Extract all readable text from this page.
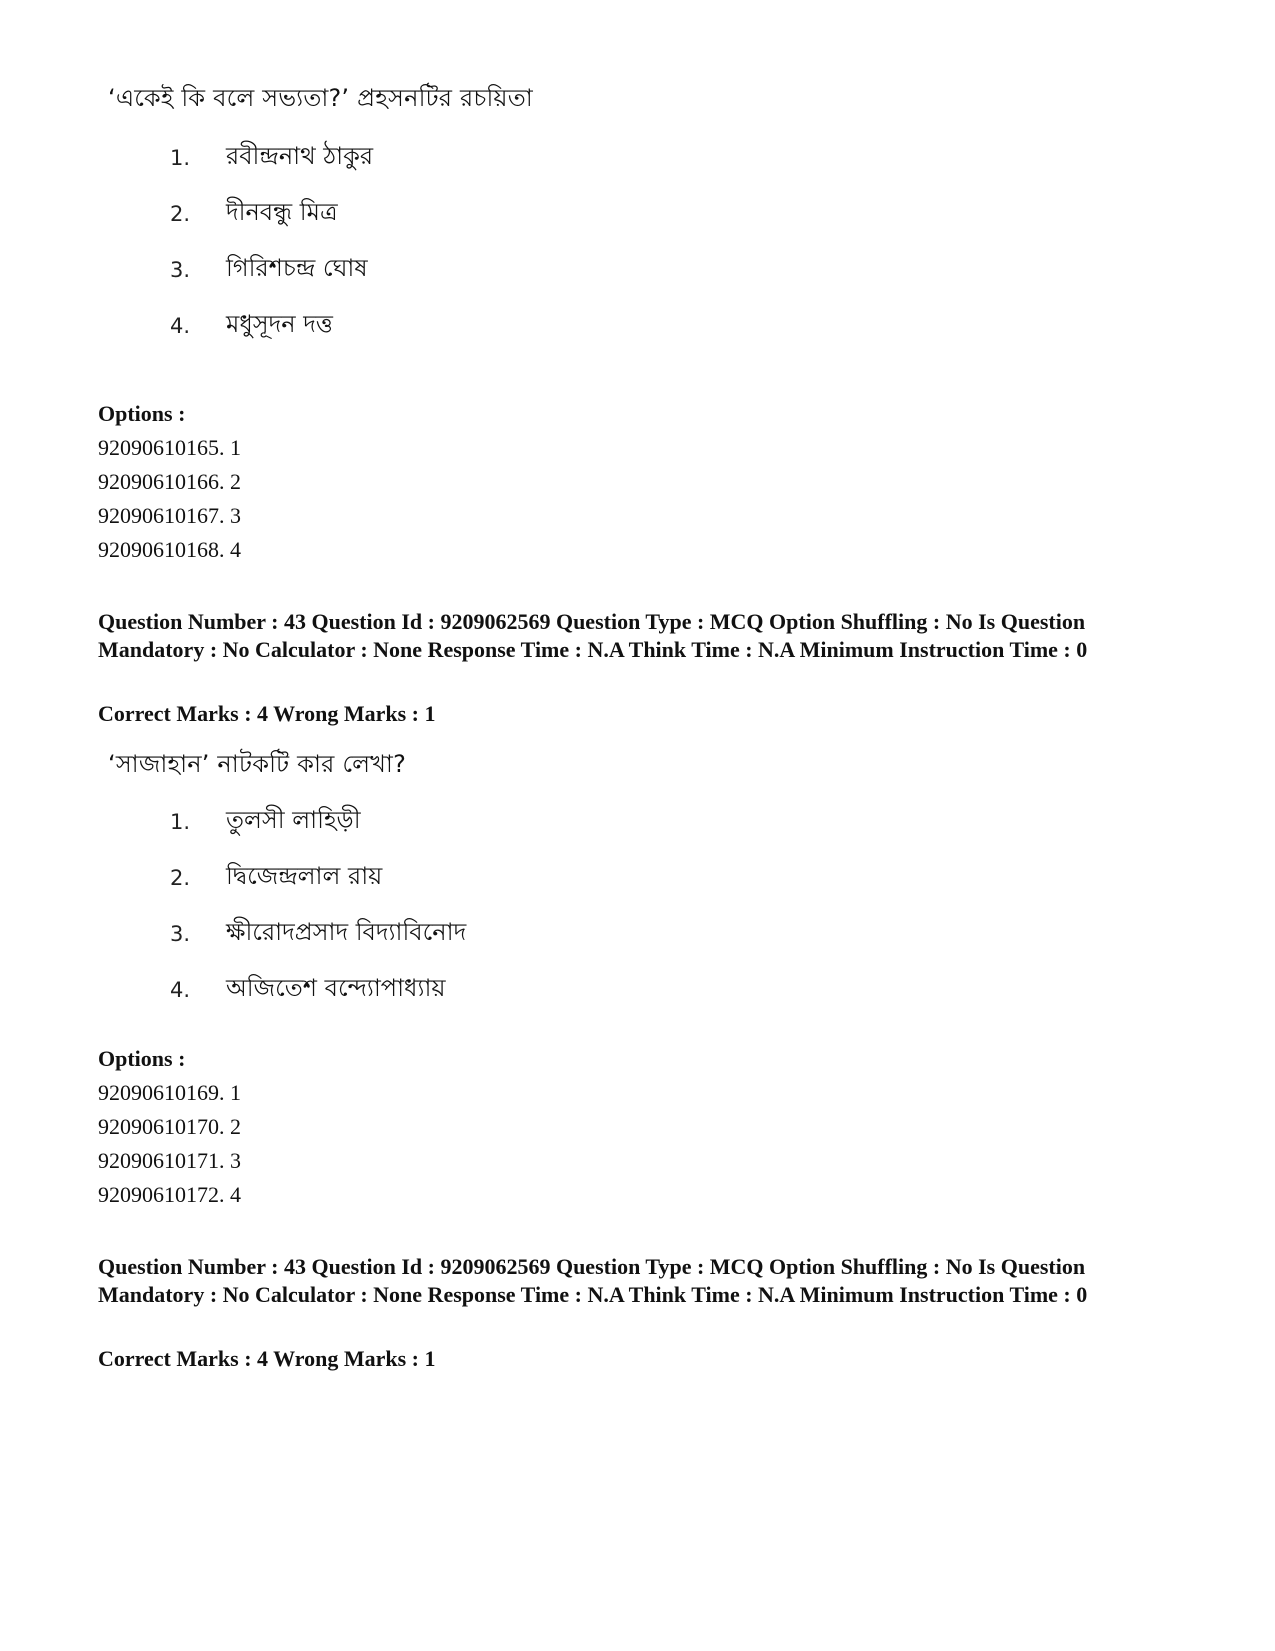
‘একেই কি বলে সভ্যতা?’ প্রহসনটির রচয়িতা

1.	রবীন্দ্রনাথ ঠাকুর
2.	দীনবন্ধু মিত্র
3.	গিরিশচন্দ্র ঘোষ
4.	মধুসূদন দত্ত
Options :
92090610165. 1
92090610166. 2
92090610167. 3
92090610168. 4
Question Number : 43 Question Id : 9209062569 Question Type : MCQ Option Shuffling : No Is Question Mandatory : No Calculator : None Response Time : N.A Think Time : N.A Minimum Instruction Time : 0
Correct Marks : 4 Wrong Marks : 1

‘সাজাহান’ নাটকটি কার লেখা?

1.	তুলসী লাহিড়ী
2.	দ্বিজেন্দ্রলাল রায়
3.	ক্ষীরোদপ্রসাদ বিদ্যাবিনোদ
4.	অজিতেশ বন্দ্যোপাধ্যায়
Options :
92090610169. 1
92090610170. 2
92090610171. 3
92090610172. 4
Question Number : 43 Question Id : 9209062569 Question Type : MCQ Option Shuffling : No Is Question Mandatory : No Calculator : None Response Time : N.A Think Time : N.A Minimum Instruction Time : 0
Correct Marks : 4 Wrong Marks : 1
